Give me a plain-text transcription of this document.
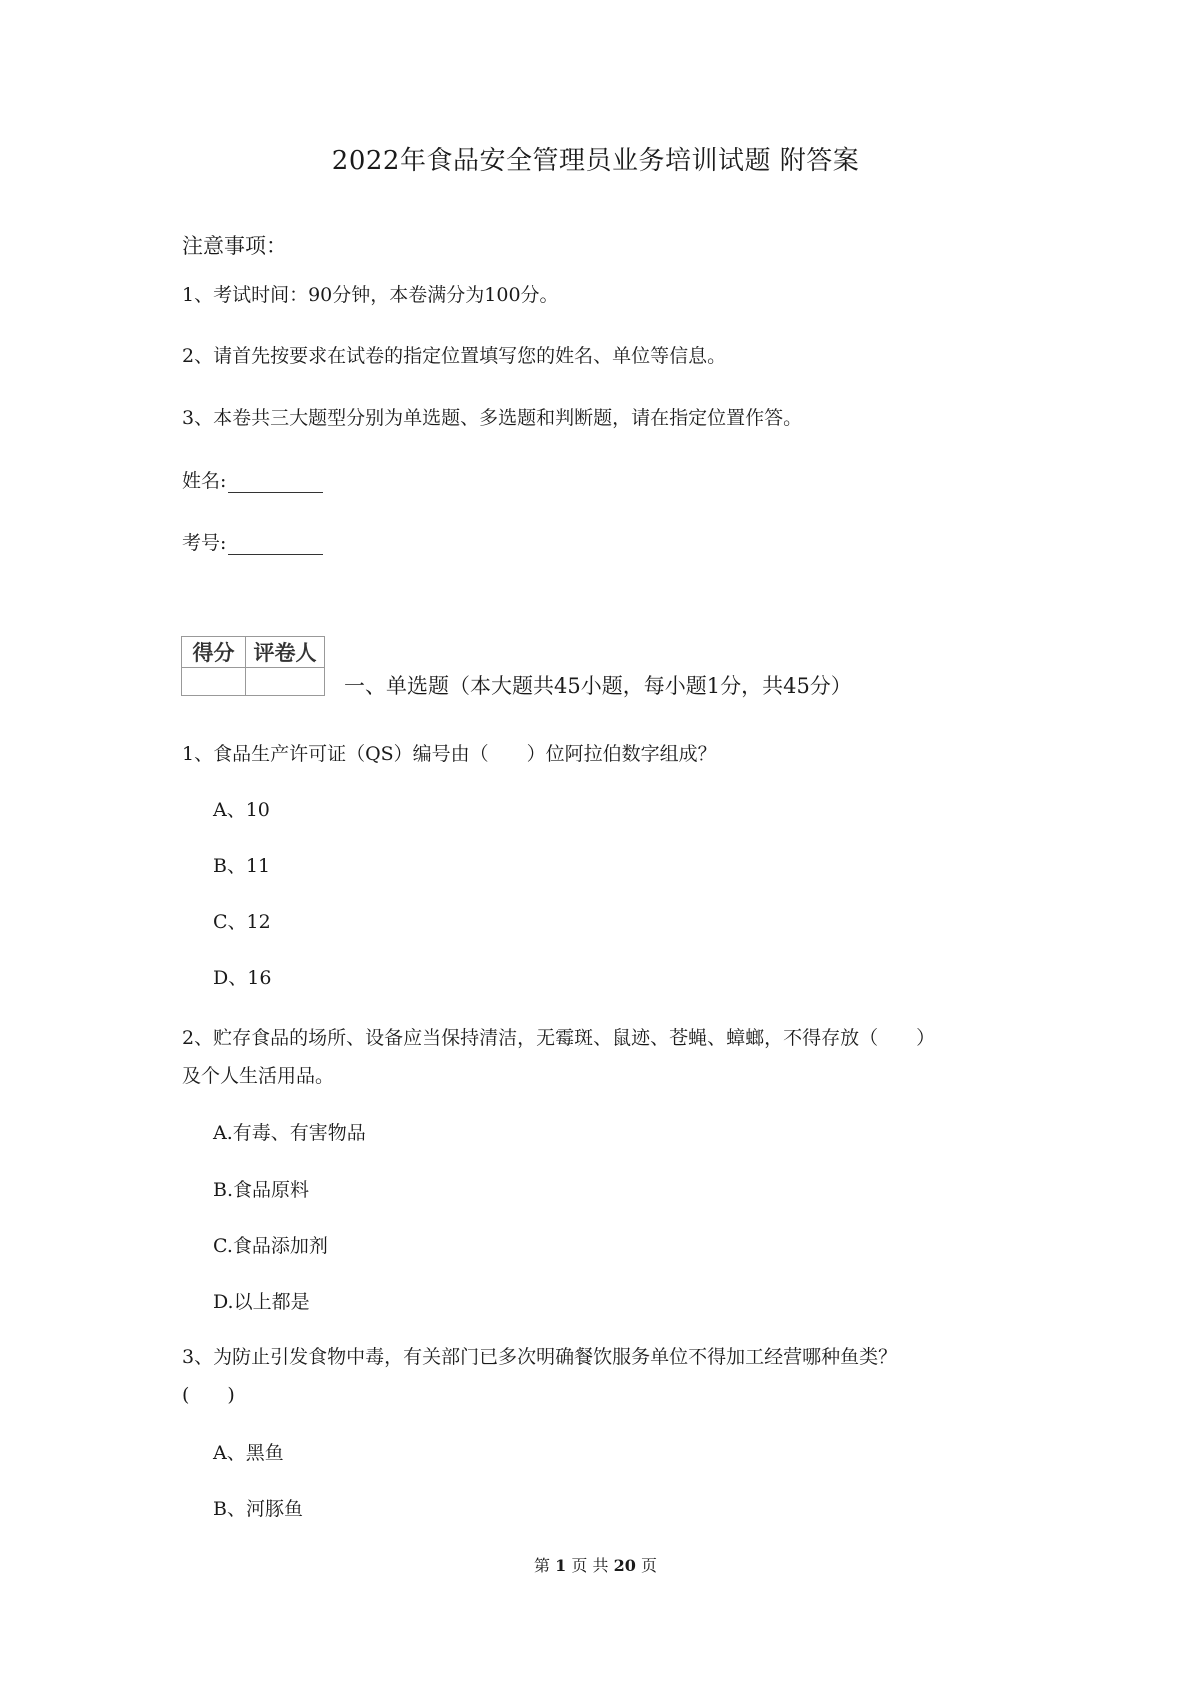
2022年食品安全管理员业务培训试题 附答案
注意事项：
1、考试时间：90分钟，本卷满分为100分。
2、请首先按要求在试卷的指定位置填写您的姓名、单位等信息。
3、本卷共三大题型分别为单选题、多选题和判断题，请在指定位置作答。
姓名:
考号:
得分	评卷人

一、单选题（本大题共45小题，每小题1分，共45分）
1、食品生产许可证（QS）编号由（　　）位阿拉伯数字组成？
A、10
B、11
C、12
D、16
2、贮存食品的场所、设备应当保持清洁，无霉斑、鼠迹、苍蝇、蟑螂，不得存放（　　）
及个人生活用品。
A.有毒、有害物品
B.食品原料
C.食品添加剂
D.以上都是
3、为防止引发食物中毒，有关部门已多次明确餐饮服务单位不得加工经营哪种鱼类？
(　　)
A、黑鱼
B、河豚鱼
第 1 页 共 20 页
